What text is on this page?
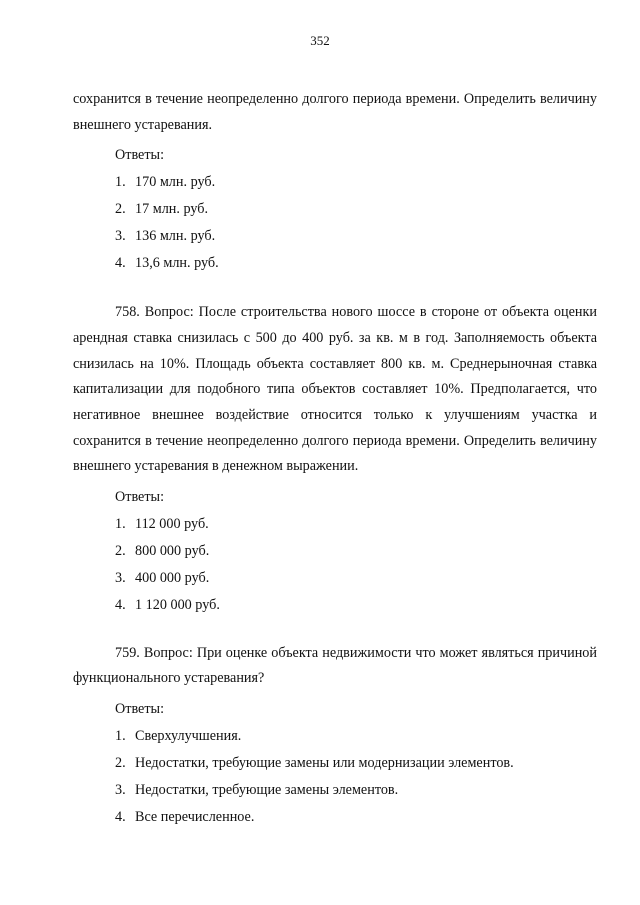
352

сохранится в течение неопределенно долгого периода времени. Определить величину внешнего устаревания.

Ответы:

1. 170 млн. руб.
2. 17 млн. руб.
3. 136 млн. руб.
4. 13,6 млн. руб.

758. Вопрос: После строительства нового шоссе в стороне от объекта оценки арендная ставка снизилась с 500 до 400 руб. за кв. м в год. Заполняемость объекта снизилась на 10%. Площадь объекта составляет 800 кв. м. Среднерыночная ставка капитализации для подобного типа объектов составляет 10%. Предполагается, что негативное внешнее воздействие относится только к улучшениям участка и сохранится в течение неопределенно долгого периода времени. Определить величину внешнего устаревания в денежном выражении.

Ответы:

1. 112 000 руб.
2. 800 000 руб.
3. 400 000 руб.
4. 1 120 000 руб.

759. Вопрос: При оценке объекта недвижимости что может являться причиной функционального устаревания?

Ответы:

1. Сверхулучшения.
2. Недостатки, требующие замены или модернизации элементов.
3. Недостатки, требующие замены элементов.
4. Все перечисленное.
